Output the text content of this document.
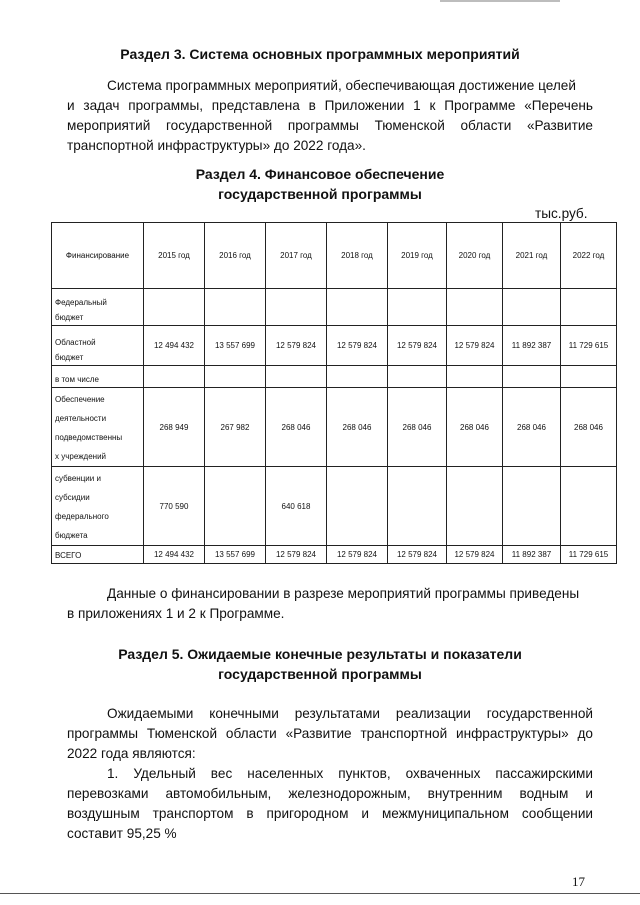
Раздел 3. Система основных программных мероприятий

Система программных мероприятий, обеспечивающая достижение целей
и задач программы, представлена в Приложении 1 к Программе «Перечень
мероприятий государственной программы Тюменской области «Развитие
транспортной инфраструктуры» до 2022 года».

Раздел 4. Финансовое обеспечение
государственной программы
тыс.руб.
Финансирование	2015 год	2016 год	2017 год	2018 год	2019 год	2020 год	2021 год	2022 год

Федеральный
бюджет								

Областной
бюджет	12 494 432	13 557 699	12 579 824	12 579 824	12 579 824	12 579 824	11 892 387	11 729 615

в том числе								

Обеспечение
деятельности
подведомственны
х учреждений	268 949	267 982	268 046	268 046	268 046	268 046	268 046	268 046

субвенции и
субсидии
федерального
бюджета	770 590		640 618					

ВСЕГО	12 494 432	13 557 699	12 579 824	12 579 824	12 579 824	12 579 824	11 892 387	11 729 615

Данные о финансировании в разрезе мероприятий программы приведены
в приложениях 1 и 2 к Программе.

Раздел 5. Ожидаемые конечные результаты и показатели
государственной программы

Ожидаемыми конечными результатами реализации государственной
программы Тюменской области «Развитие транспортной инфраструктуры» до
2022 года являются:

1. Удельный вес населенных пунктов, охваченных пассажирскими
перевозками автомобильным, железнодорожным, внутренним водным и
воздушным транспортом в пригородном и межмуниципальном сообщении
составит 95,25 %

17
